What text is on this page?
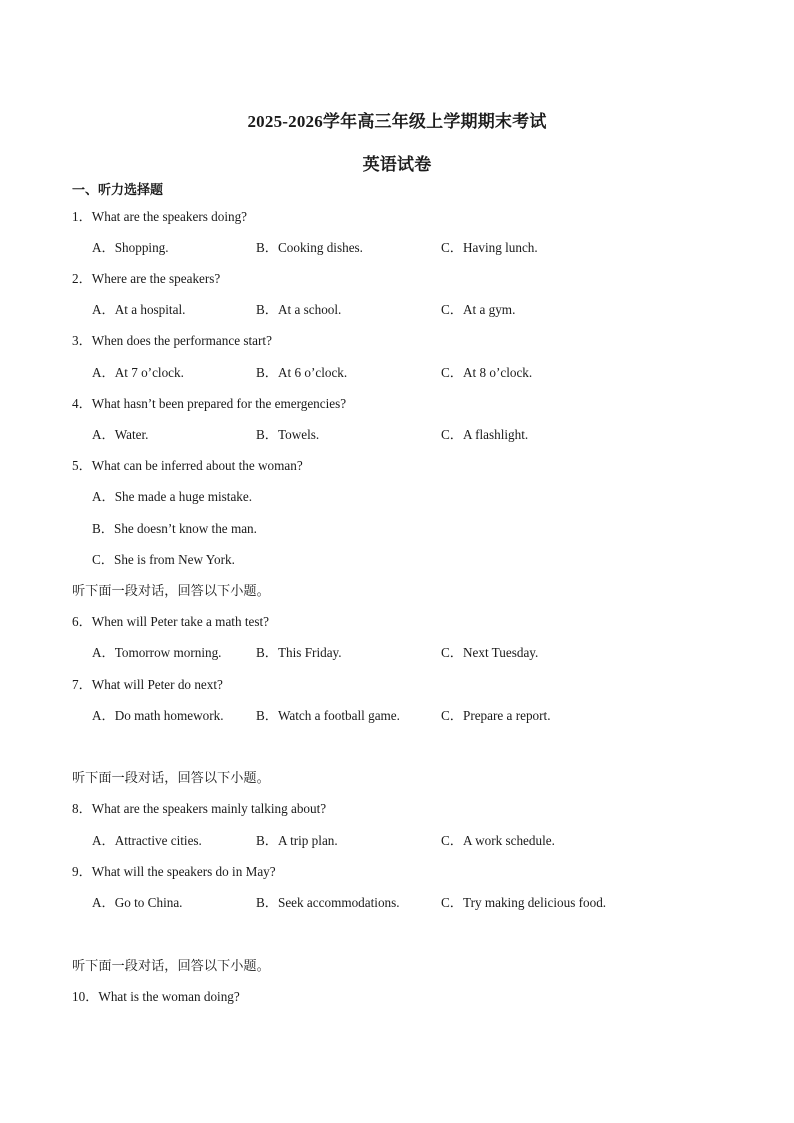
2025-2026学年高三年级上学期期末考试
英语试卷
一、听力选择题
1．What are the speakers doing?
A．Shopping.	B．Cooking dishes.	C．Having lunch.
2．Where are the speakers?
A．At a hospital.	B．At a school.	C．At a gym.
3．When does the performance start?
A．At 7 o’clock.	B．At 6 o’clock.	C．At 8 o’clock.
4．What hasn’t been prepared for the emergencies?
A．Water.	B．Towels.	C．A flashlight.
5．What can be inferred about the woman?
A．She made a huge mistake.
B．She doesn’t know the man.
C．She is from New York.
听下面一段对话，回答以下小题。
6．When will Peter take a math test?
A．Tomorrow morning.	B．This Friday.	C．Next Tuesday.
7．What will Peter do next?
A．Do math homework. B．Watch a football game.	C．Prepare a report.
听下面一段对话，回答以下小题。
8．What are the speakers mainly talking about?
A．Attractive cities.	B．A trip plan.	C．A work schedule.
9．What will the speakers do in May?
A．Go to China.	B．Seek accommodations.	C．Try making delicious food.
听下面一段对话，回答以下小题。
10．What is the woman doing?
